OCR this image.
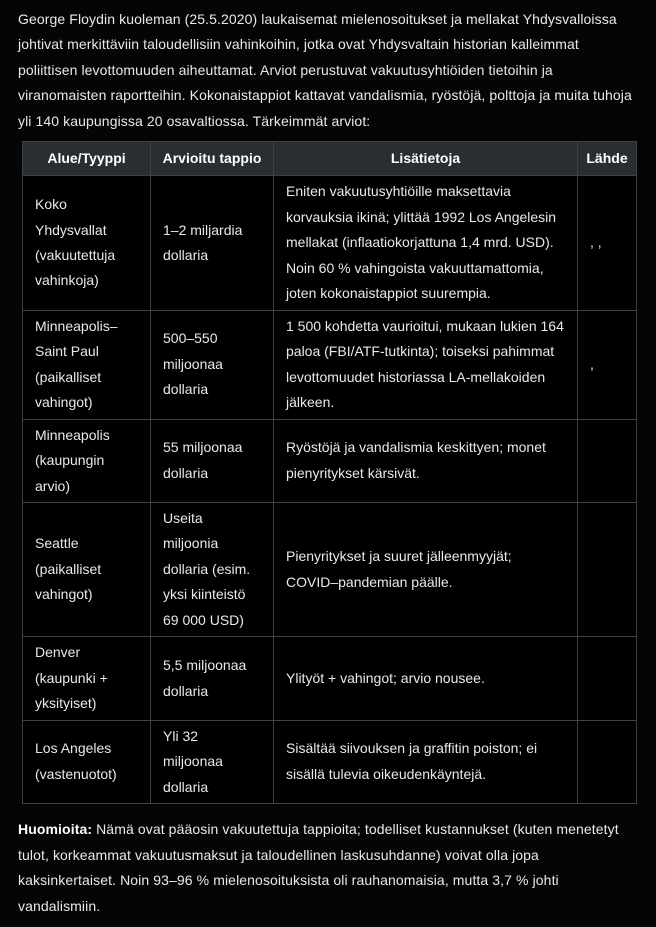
George Floydin kuoleman (25.5.2020) laukaisemat mielenosoitukset ja mellakat Yhdysvalloissa johtivat merkittäviin taloudellisiin vahinkoihin, jotka ovat Yhdysvaltain historian kalleimmat poliittisen levottomuuden aiheuttamat. Arviot perustuvat vakuutusyhtiöiden tietoihin ja viranomaisten raportteihin. Kokonaistappiot kattavat vandalismia, ryöstöjä, polttoja ja muita tuhoja yli 140 kaupungissa 20 osavaltiossa. Tärkeimmät arviot:

Alue/Tyyppi	Arvioitu tappio	Lisätietoja	Lähde
Koko Yhdysvallat (vakuutettuja vahinkoja)	1–2 miljardia dollaria	Eniten vakuutusyhtiöille maksettavia korvauksia ikinä; ylittää 1992 Los Angelesin mellakat (inflaatiokorjattuna 1,4 mrd. USD). Noin 60 % vahingoista vakuuttamattomia, joten kokonaistappiot suurempia.	, ,
Minneapolis–Saint Paul (paikalliset vahingot)	500–550 miljoonaa dollaria	1 500 kohdetta vaurioitui, mukaan lukien 164 paloa (FBI/ATF-tutkinta); toiseksi pahimmat levottomuudet historiassa LA-mellakoiden jälkeen.	,
Minneapolis (kaupungin arvio)	55 miljoonaa dollaria	Ryöstöjä ja vandalismia keskittyen; monet pienyritykset kärsivät.	
Seattle (paikalliset vahingot)	Useita miljoonia dollaria (esim. yksi kiinteistö 69 000 USD)	Pienyritykset ja suuret jälleenmyyjät; COVID–pandemian päälle.	
Denver (kaupunki + yksityiset)	5,5 miljoonaa dollaria	Ylityöt + vahingot; arvio nousee.	
Los Angeles (vastenuotot)	Yli 32 miljoonaa dollaria	Sisältää siivouksen ja graffitin poiston; ei sisällä tulevia oikeudenkäyntejä.	

Huomioita: Nämä ovat pääosin vakuutettuja tappioita; todelliset kustannukset (kuten menetetyt tulot, korkeammat vakuutusmaksut ja taloudellinen laskusuhdanne) voivat olla jopa kaksinkertaiset. Noin 93–96 % mielenosoituksista oli rauhanomaisia, mutta 3,7 % johti vandalismiin.
